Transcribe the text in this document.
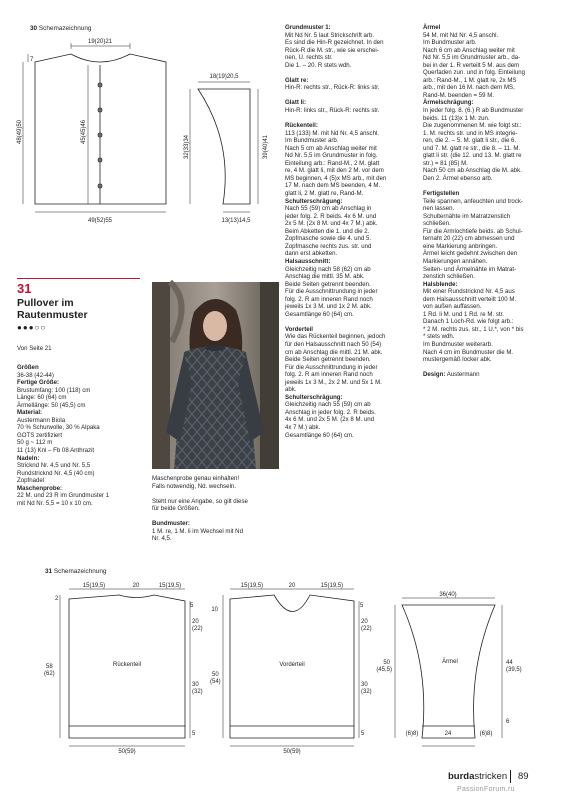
30 Schemazeichnung
19(20)21
7
48(49)50	45(45)46
49(52)55
18(19)20,5
32(33)34	39(40)41
13(13)14,5

Grundmuster 1:

Mit Nd Nr. 5 laut Strickschrift arb.

Es sind die Hin-R gezeichnet. In den

Rück-R die M. str., wie sie erschei-

nen, U. rechts str.

Die 1. – 20. R stets wdh.

Glatt re:

Hin-R: rechts str., Rück-R: links str.

Glatt li:

Hin-R: links str., Rück-R: rechts str.

Rückenteil:

113 (133) M. mit Nd Nr. 4,5 anschl.

Im Bundmuster arb.

Nach 5 cm ab Anschlag weiter mit

Nd Nr. 5,5 im Grundmuster in folg.

Einteilung arb.: Rand-M., 2 M. glatt

re, 4 M. glatt li, mit den 2 M. vor dem

MS beginnen, 4 (5)x MS arb., mit den

17 M. nach dem MS beenden, 4 M.

glatt li, 2 M. glatt re, Rand-M.

Schulterschrägung:

Nach 55 (59) cm ab Anschlag in

jeder folg. 2. R beids. 4x 6 M. und

2x 5 M. (2x 8 M. und 4x 7 M.) abk.

Beim Abketten die 1. und die 2.

Zopfmasche sowie die 4. und 5.

Zopfmasche rechts zus. str. und

dann erst abketten.

Halsausschnitt:

Gleichzeitig nach 58 (62) cm ab

Anschlag die mittl. 35 M. abk.

Beide Seiten getrennt beenden.

Für die Ausschnittrundung in jeder

folg. 2. R am inneren Rand noch

jeweils 1x 3 M. und 1x 2 M. abk.

Gesamtlänge 60 (64) cm.

Vorderteil

Wie das Rückenteil beginnen, jedoch

für den Halsausschnitt nach 50 (54)

cm ab Anschlag die mittl. 21 M. abk.

Beide Seiten getrennt beenden.

Für die Ausschnittrundung in jeder

folg. 2. R am inneren Rand noch

jeweils 1x 3 M., 2x 2 M. und 5x 1 M.

abk.

Schulterschrägung:

Gleichzeitig nach 55 (59) cm ab

Anschlag in jeder folg. 2. R beids.

4x 6 M. und 2x 5 M. (2x 8 M. und

4x 7 M.) abk.

Gesamtlänge 60 (64) cm.

Ärmel

54 M. mit Nd Nr. 4,5 anschl.

Im Bundmuster arb.

Nach 6 cm ab Anschlag weiter mit

Nd Nr. 5,5 im Grundmuster arb., da-

bei in der 1. R verteilt 5 M. aus dem

Querfaden zun. und in folg. Einteilung

arb.: Rand-M., 1 M. glatt re, 2x MS

arb., mit den 16 M. nach dem MS,

Rand-M. beenden = 59 M.

Ärmelschrägung:

In jeder folg. 8. (6.) R ab Bundmuster

beids. 11 (13)x 1 M. zun.

Die zugenommenen M. wie folgt str.:

1. M. rechts str. und in MS integrie-

ren, die 2. – 5. M. glatt li str., die 6.

und 7. M. glatt re str., die 8. – 11. M.

glatt li str. (die 12. und 13. M. glatt re

str.) = 81 (85) M.

Nach 50 cm ab Anschlag die M. abk.

Den 2. Ärmel ebenso arb.

Fertigstellen

Teile spannen, anfeuchten und trock-

nen lassen.

Schulternähte im Matratzenstich

schließen.

Für die Armlochtiefe beids. ab Schul-

ternaht 20 (22) cm abmessen und

eine Markierung anbringen.

Ärmel leicht gedehnt zwischen den

Markierungen annähen.

Seiten- und Ärmelnähte im Matrat-

zenstich schließen.

Halsblende:

Mit einer Rundstricknd Nr. 4,5 aus

dem Halsausschnitt verteilt 100 M.

von außen auffassen.

1 Rd. li M. und 1 Rd. re M. str.

Danach 1 Loch-Rd. wie folgt arb.:

* 2 M. rechts zus. str., 1 U.*, von * bis

* stets wdh.

Im Bundmuster weiterarb.

Nach 4 cm im Bundmuster die M.

mustergemäß locker abk.

Design: Austermann

31
Pullover im
Rautenmuster
●●●○○
Von Seite 21

Größen

36-38 (42-44)

Fertige Größe:

Brustumfang: 100 (118) cm

Länge: 60 (64) cm

Ärmellänge: 50 (45,5) cm

Material:

Austermann Biola

70 % Schurwolle, 30 % Alpaka

GOTS zertifiziert

50 g ~ 112 m

11 (13) Knl – Fb 08 Anthrazit

Nadeln:

Stricknd Nr. 4,5 und Nr. 5,5

Rundstricknd Nr. 4,5 (40 cm)

Zopfnadel

Maschenprobe:

22 M. und 23 R im Grundmuster 1

mit Nd Nr. 5,5 = 10 x 10 cm.

Maschenprobe genau einhalten!

Falls notwendig, Nd. wechseln.

Steht nur eine Angabe, so gilt diese

für beide Größen.

Bundmuster:

1 M. re, 1 M. li im Wechsel mit Nd

Nr. 4,5.

31 Schemazeichnung
15(19,5)	20	15(19,5)
2
5
20
(22)
58
(62)
30
(32)
5
50(59)
Rückenteil
15(19,5)	20	15(19,5)
10
5
20
(22)
50
(54)	30
(32)
5
50(59)
Vorderteil
36(40)
50
(45,5)
44
(39,5)
6
(6)8)	24	(6)8)
Ärmel
burdastricken 89
PassionForum.ru
